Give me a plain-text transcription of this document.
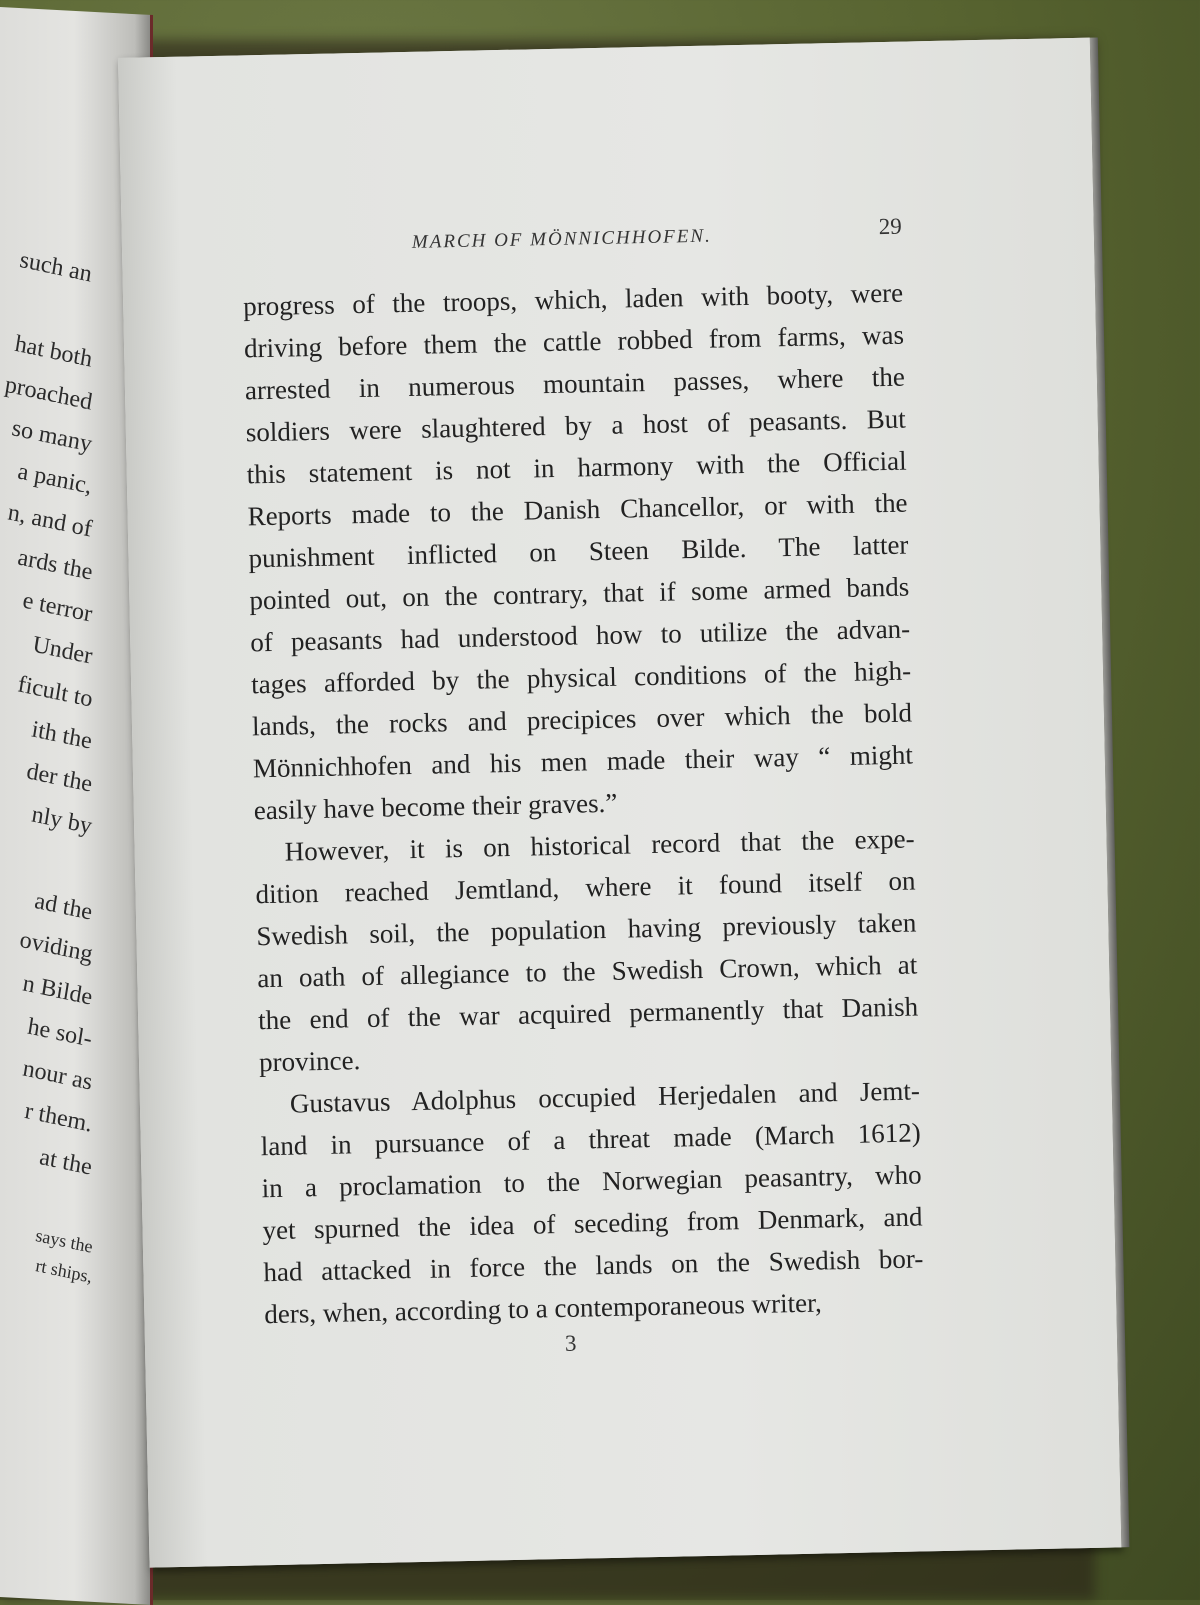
such an
hat both
proached
so many
a panic,
n, and of
ards the
e terror
Under
ficult to
ith the
der the
nly by
ad the
oviding
n Bilde
he sol-
nour as
r them.
at the
says the
rt ships,
MARCH OF MÖNNICHHOFEN.	29
progress of the troops, which, laden with booty, were
driving before them the cattle robbed from farms, was
arrested in numerous mountain passes, where the
soldiers were slaughtered by a host of peasants. But
this statement is not in harmony with the Official
Reports made to the Danish Chancellor, or with the
punishment inflicted on Steen Bilde. The latter
pointed out, on the contrary, that if some armed bands
of peasants had understood how to utilize the advan-
tages afforded by the physical conditions of the high-
lands, the rocks and precipices over which the bold
Mönnichhofen and his men made their way “ might
easily have become their graves.”
However, it is on historical record that the expe-
dition reached Jemtland, where it found itself on
Swedish soil, the population having previously taken
an oath of allegiance to the Swedish Crown, which at
the end of the war acquired permanently that Danish
province.
Gustavus Adolphus occupied Herjedalen and Jemt-
land in pursuance of a threat made (March 1612)
in a proclamation to the Norwegian peasantry, who
yet spurned the idea of seceding from Denmark, and
had attacked in force the lands on the Swedish bor-
ders, when, according to a contemporaneous writer,
3
